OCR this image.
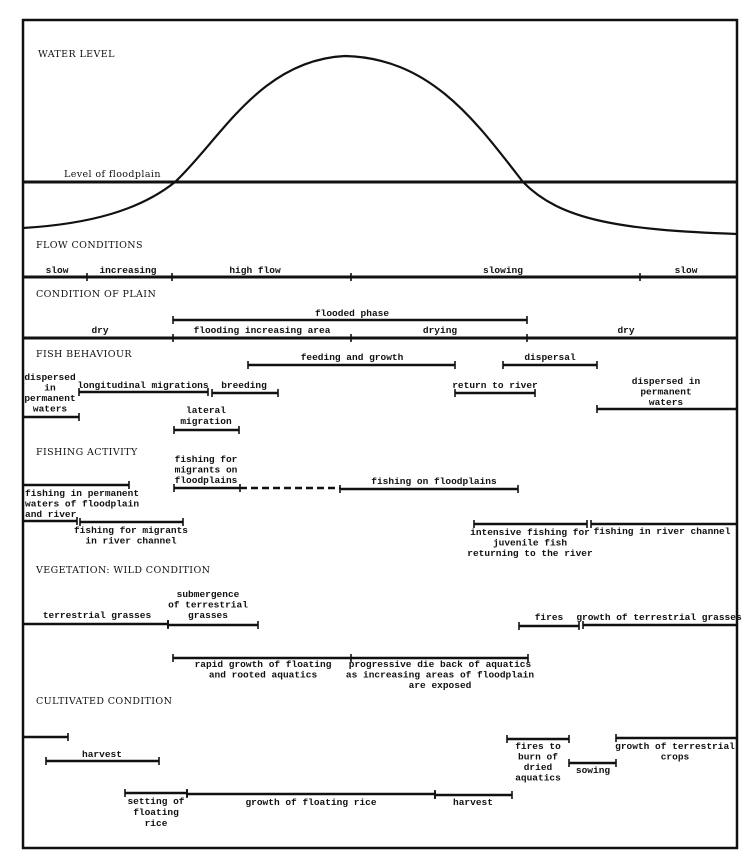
WATER LEVEL
Level of floodplain
FLOW CONDITIONS
slow	increasing	high flow	slowing	slow
CONDITION OF PLAIN
dry	flooding increasing area	drying	dry
flooded phase
FISH BEHAVIOUR	feeding and growth	dispersal
longitudinal migrations breeding	return to river
dispersed in permanent waters	lateral migration
dispersed in permanent waters
FISHING ACTIVITY
fishing on floodplains
fishing for migrants on floodplains
fishing in permanent waters of floodplain and river
fishing for migrants in river channel
intensive fishing for juvenile fish returning to the river
fishing in river channel
VEGETATION: WILD CONDITION
terrestrial grasses	fires growth of terrestrial grasses
submergence of terrestrial grasses
rapid growth of floating and rooted aquatics
progressive die back of aquatics as increasing areas of floodplain are exposed
CULTIVATED CONDITION
harvest
growth of floating rice	harvest
fires to burn of dried aquatics
sowing
growth of terrestrial crops
setting of floating rice
